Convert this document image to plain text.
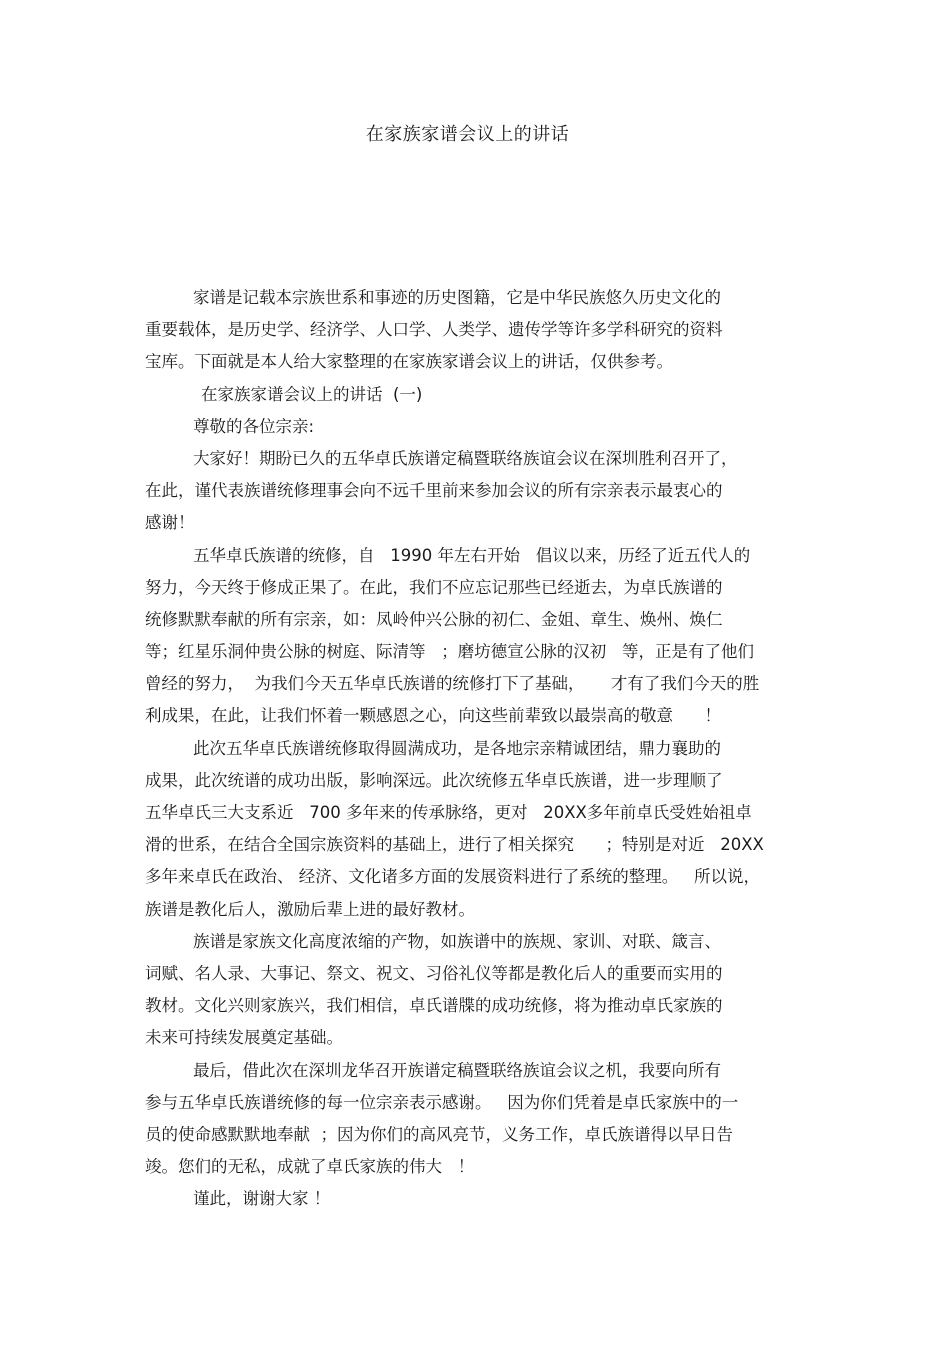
在家族家谱会议上的讲话
家谱是记载本宗族世系和事迹的历史图籍，它是中华民族悠久历史文化的
重要载体，是历史学、经济学、人口学、人类学、遗传学等许多学科研究的资料
宝库。下面就是本人给大家整理的在家族家谱会议上的讲话，仅供参考。
在家族家谱会议上的讲话  (一)
尊敬的各位宗亲:
大家好！期盼已久的五华卓氏族谱定稿暨联络族谊会议在深圳胜利召开了，
在此，谨代表族谱统修理事会向不远千里前来参加会议的所有宗亲表示最衷心的
感谢！
五华卓氏族谱的统修，自   1990 年左右开始   倡议以来，历经了近五代人的
努力，今天终于修成正果了。在此，我们不应忘记那些已经逝去，为卓氏族谱的
统修默默奉献的所有宗亲，如：凤岭仲兴公脉的初仁、金姐、章生、焕州、焕仁
等；红星乐洞仲贵公脉的树庭、际清等   ；磨坊德宣公脉的汉初   等，正是有了他们
曾经的努力，  为我们今天五华卓氏族谱的统修打下了基础，     才有了我们今天的胜
利成果，在此，让我们怀着一颗感恩之心，向这些前辈致以最崇高的敬意      ！
此次五华卓氏族谱统修取得圆满成功，是各地宗亲精诚团结，鼎力襄助的
成果，此次统谱的成功出版，影响深远。此次统修五华卓氏族谱，进一步理顺了
五华卓氏三大支系近   700 多年来的传承脉络，更对   20XX多年前卓氏受姓始祖卓
滑的世系，在结合全国宗族资料的基础上，进行了相关探究      ；特别是对近   20XX
多年来卓氏在政治、 经济、文化诸多方面的发展资料进行了系统的整理。   所以说，
族谱是教化后人，激励后辈上进的最好教材。
族谱是家族文化高度浓缩的产物，如族谱中的族规、家训、对联、箴言、
词赋、名人录、大事记、祭文、祝文、习俗礼仪等都是教化后人的重要而实用的
教材。文化兴则家族兴，我们相信，卓氏谱牒的成功统修，将为推动卓氏家族的
未来可持续发展奠定基础。
最后，借此次在深圳龙华召开族谱定稿暨联络族谊会议之机，我要向所有
参与五华卓氏族谱统修的每一位宗亲表示感谢。   因为你们凭着是卓氏家族中的一
员的使命感默默地奉献  ；因为你们的高风亮节，义务工作，卓氏族谱得以早日告
竣。您们的无私，成就了卓氏家族的伟大   ！
谨此，谢谢大家 ！
